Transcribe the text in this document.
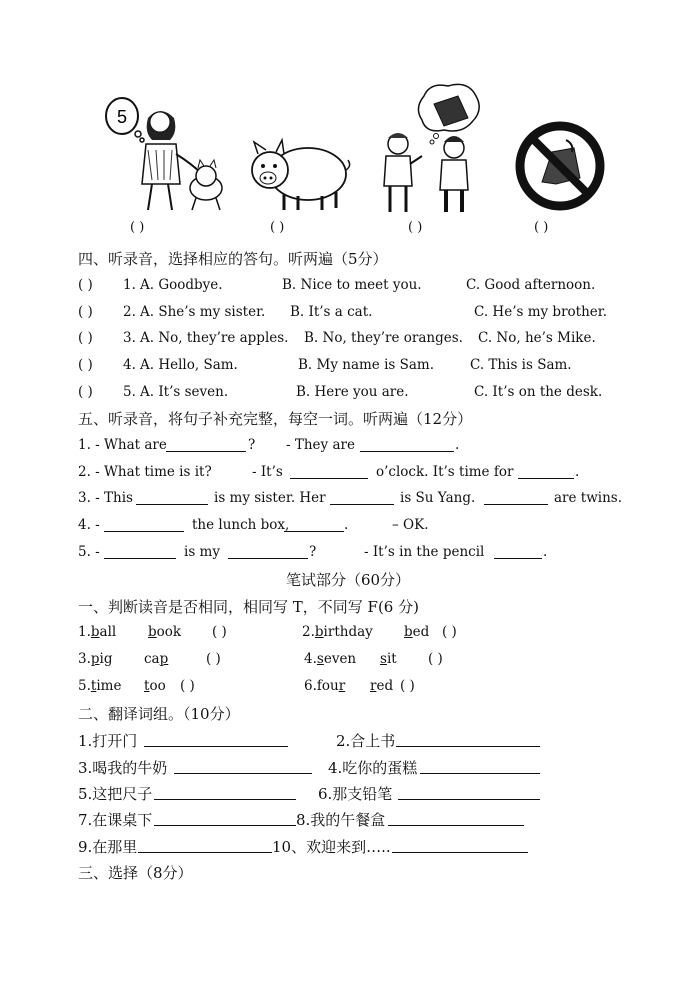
5
( )	( )	( )	( )
四、听录音，选择相应的答句。听两遍（5分）
( ) 1. A. Goodbye.	B. Nice to meet you.	C. Good afternoon.
( ) 2. A. She’s my sister. B. It’s a cat.	C. He’s my brother.
( ) 3. A. No, they’re apples. B. No, they’re oranges. C. No, he’s Mike.
( ) 4. A. Hello, Sam.	B. My name is Sam.	C. This is Sam.
( ) 5. A. It’s seven.	B. Here you are.	C. It’s on the desk.
五、听录音，将句子补充完整，每空一词。听两遍（12分）
1. - What are	? - They are	.
2. - What time is it?	- It’s	o’clock. It’s time for	.
3. - This	is my sister. Her	is Su Yang.	are twins.
4. -	the lunch box,	.	– OK.
5. -	is my	?	- It’s in the pencil	.
笔试部分（60分）
一、判断读音是否相同，相同写 T，不同写 F(6 分)
1.ball book ( )	2.birthday bed ( )
3.pig cap	( )	4.seven sit ( )
5.time too ( )	6.four red ( )
二、翻译词组。（10分）
1.打开门	2.合上书
3.喝我的牛奶	4.吃你的蛋糕
5.这把尺子	6.那支铅笔
7.在课桌下	8.我的午餐盒
9.在那里	10、欢迎来到…..
三、选择（8分）
